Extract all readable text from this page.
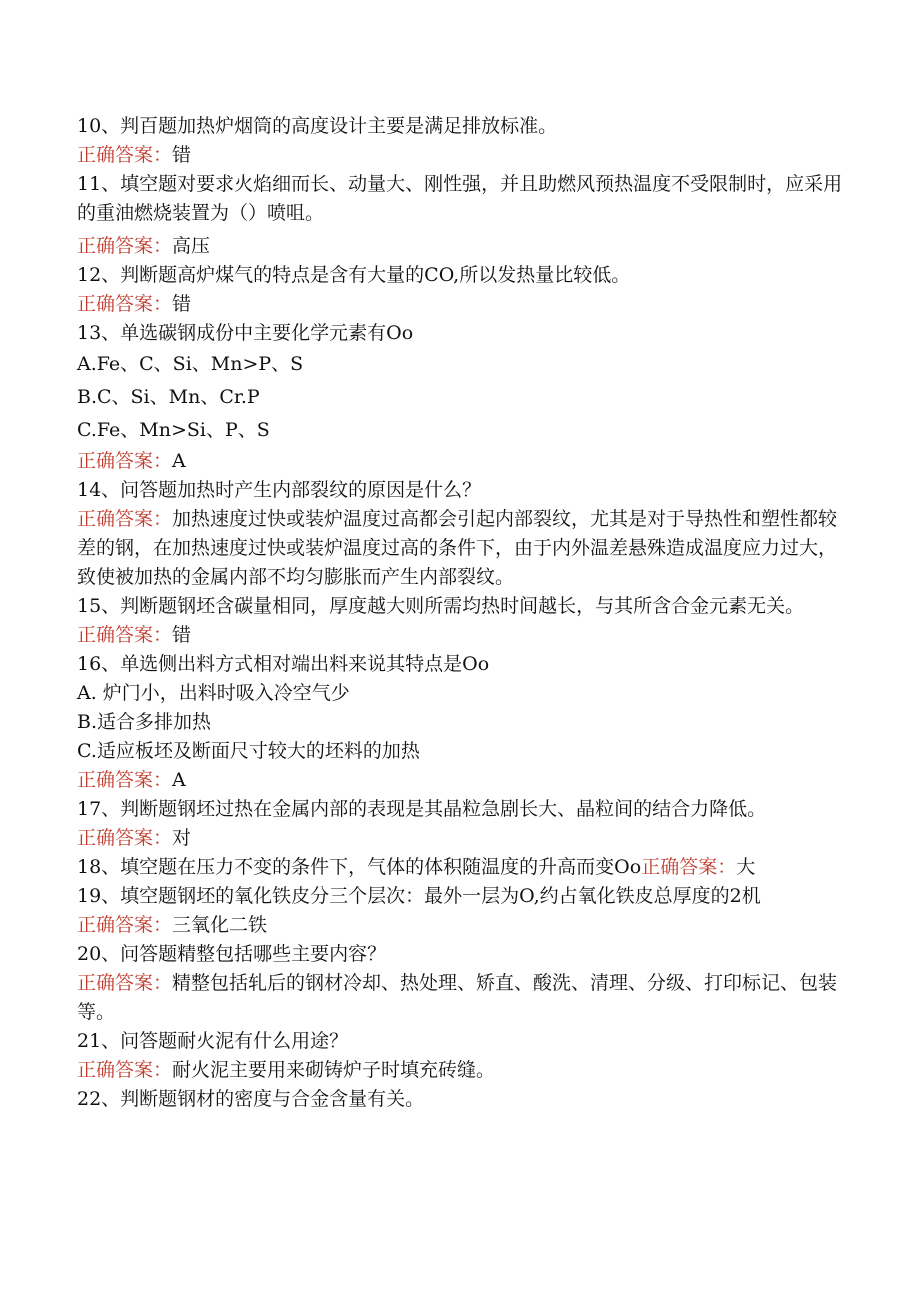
10、判百题加热炉烟筒的高度设计主要是满足排放标准。

正确答案：错

11、填空题对要求火焰细而长、动量大、刚性强，并且助燃风预热温度不受限制时，应采用的重油燃烧装置为（）喷咀。

正确答案：高压

12、判断题高炉煤气的特点是含有大量的CO,所以发热量比较低。

正确答案：错

13、单选碳钢成份中主要化学元素有Oo

A.Fe、C、Si、Mn>P、S

B.C、Si、Mn、Cr.P

C.Fe、Mn>Si、P、S

正确答案：A

14、问答题加热时产生内部裂纹的原因是什么？

正确答案：加热速度过快或装炉温度过高都会引起内部裂纹，尤其是对于导热性和塑性都较差的钢，在加热速度过快或装炉温度过高的条件下，由于内外温差悬殊造成温度应力过大，致使被加热的金属内部不均匀膨胀而产生内部裂纹。

15、判断题钢坯含碳量相同，厚度越大则所需均热时间越长，与其所含合金元素无关。

正确答案：错

16、单选侧出料方式相对端出料来说其特点是Oo

A. 炉门小，出料时吸入冷空气少

B.适合多排加热

C.适应板坯及断面尺寸较大的坯料的加热

正确答案：A

17、判断题钢坯过热在金属内部的表现是其晶粒急剧长大、晶粒间的结合力降低。

正确答案：对

18、填空题在压力不变的条件下，气体的体积随温度的升高而变Oo正确答案：大

19、填空题钢坯的氧化铁皮分三个层次：最外一层为O,约占氧化铁皮总厚度的2机

正确答案：三氧化二铁

20、问答题精整包括哪些主要内容？

正确答案：精整包括轧后的钢材冷却、热处理、矫直、酸洗、清理、分级、打印标记、包装等。

21、问答题耐火泥有什么用途？

正确答案：耐火泥主要用来砌铸炉子时填充砖缝。

22、判断题钢材的密度与合金含量有关。
